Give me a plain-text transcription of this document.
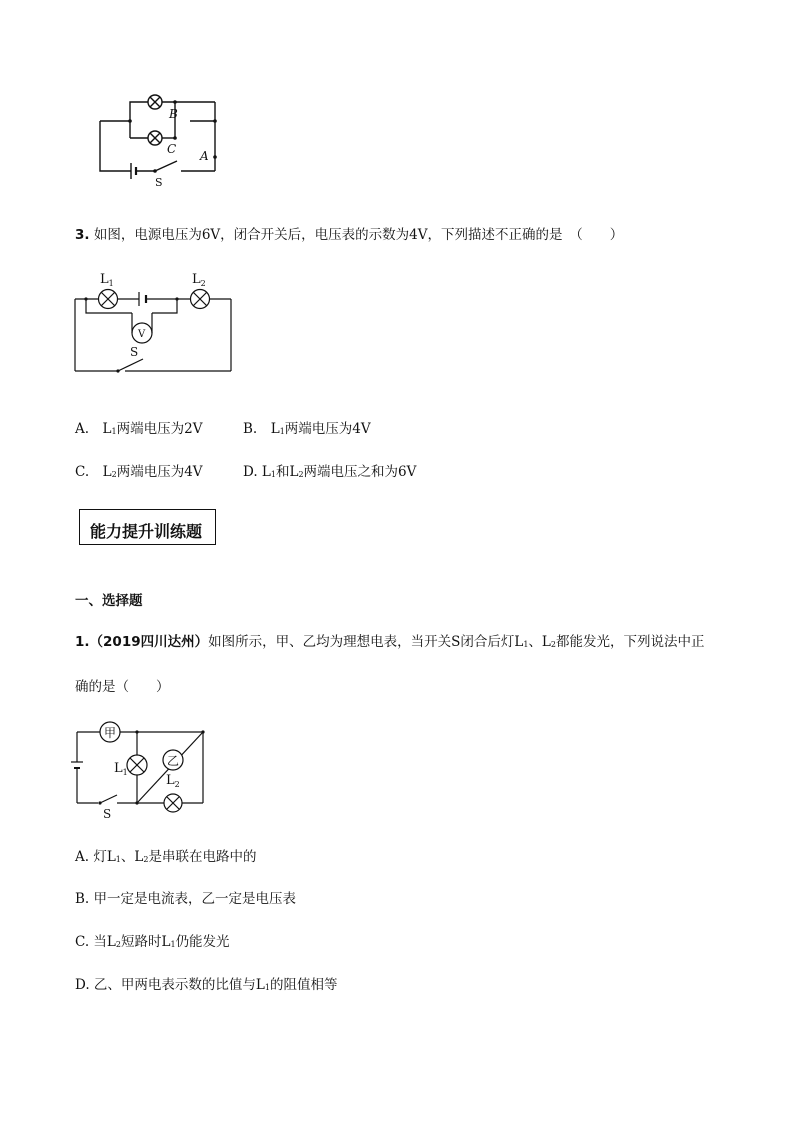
B
C A
S
3. 如图，电源电压为6V，闭合开关后，电压表的示数为4V，下列描述不正确的是　（　　）
$L_1$	$L_2$
V
S
A.　$L_1$两端电压为2V	B.　$L_1$两端电压为4V
C.　$L_2$两端电压为4V	D. $L_1$和$L_2$两端电压之和为6V
能力提升训练题
一、选择题
1.（2019四川达州）如图所示，甲、乙均为理想电表，当开关S闭合后灯$L_1$、$L_2$都能发光，下列说法中正
确的是（　　）
甲
乙
$L_1$
$L_2$
S
A. 灯$L_1$、$L_2$是串联在电路中的
B. 甲一定是电流表，乙一定是电压表
C. 当$L_2$短路时$L_1$仍能发光
D. 乙、甲两电表示数的比值与$L_1$的阻值相等
